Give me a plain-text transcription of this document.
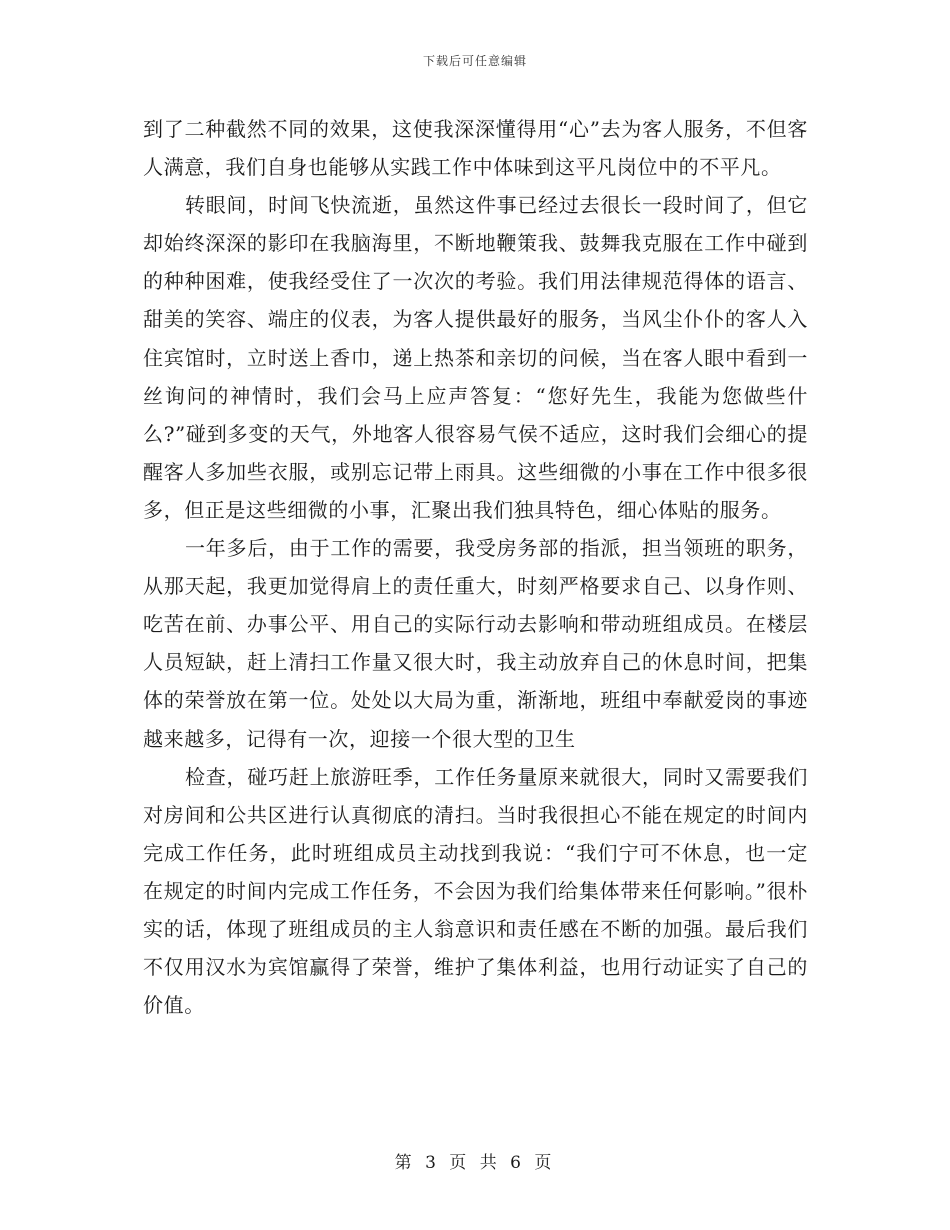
下载后可任意编辑

到了二种截然不同的效果，这使我深深懂得用“心”去为客人服务，不但客人满意，我们自身也能够从实践工作中体味到这平凡岗位中的不平凡。

转眼间，时间飞快流逝，虽然这件事已经过去很长一段时间了，但它却始终深深的影印在我脑海里，不断地鞭策我、鼓舞我克服在工作中碰到的种种困难，使我经受住了一次次的考验。我们用法律规范得体的语言、甜美的笑容、端庄的仪表，为客人提供最好的服务，当风尘仆仆的客人入住宾馆时，立时送上香巾，递上热茶和亲切的问候，当在客人眼中看到一丝询问的神情时，我们会马上应声答复：“您好先生，我能为您做些什么?”碰到多变的天气，外地客人很容易气侯不适应，这时我们会细心的提醒客人多加些衣服，或别忘记带上雨具。这些细微的小事在工作中很多很多，但正是这些细微的小事，汇聚出我们独具特色，细心体贴的服务。

一年多后，由于工作的需要，我受房务部的指派，担当领班的职务，从那天起，我更加觉得肩上的责任重大，时刻严格要求自己、以身作则、吃苦在前、办事公平、用自己的实际行动去影响和带动班组成员。在楼层人员短缺，赶上清扫工作量又很大时，我主动放弃自己的休息时间，把集体的荣誉放在第一位。处处以大局为重，渐渐地，班组中奉献爱岗的事迹越来越多，记得有一次，迎接一个很大型的卫生

检查，碰巧赶上旅游旺季，工作任务量原来就很大，同时又需要我们对房间和公共区进行认真彻底的清扫。当时我很担心不能在规定的时间内完成工作任务，此时班组成员主动找到我说：“我们宁可不休息，也一定在规定的时间内完成工作任务，不会因为我们给集体带来任何影响。”很朴实的话，体现了班组成员的主人翁意识和责任感在不断的加强。最后我们不仅用汉水为宾馆赢得了荣誉，维护了集体利益，也用行动证实了自己的价值。

第 3 页 共 6 页
